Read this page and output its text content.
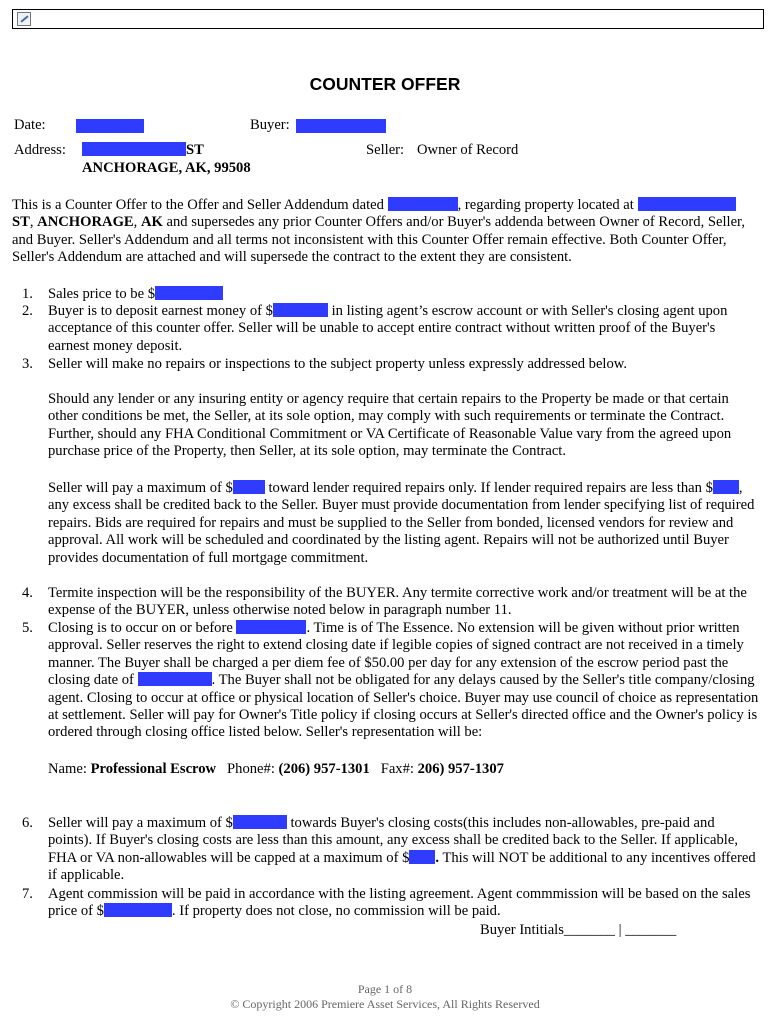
COUNTER OFFER
Date:	Buyer:
Address:	ST
ANCHORAGE, AK, 99508
Seller: Owner of Record

This is a Counter Offer to the Offer and Seller Addendum dated	, regarding property located at  ST, ANCHORAGE, AK and supersedes any prior Counter Offers and/or Buyer's addenda between Owner of Record, Seller, and Buyer. Seller's Addendum and all terms not inconsistent with this Counter Offer remain effective. Both Counter Offer, Seller's Addendum are attached and will supersede the contract to the extent they are consistent.

1. Sales price to be $
2. Buyer is to deposit earnest money of $	in listing agent’s escrow account or with Seller's closing agent upon acceptance of this counter offer. Seller will be unable to accept entire contract without written proof of the Buyer's earnest money deposit.
3. Seller will make no repairs or inspections to the subject property unless expressly addressed below.

Should any lender or any insuring entity or agency require that certain repairs to the Property be made or that certain other conditions be met, the Seller, at its sole option, may comply with such requirements or terminate the Contract. Further, should any FHA Conditional Commitment or VA Certificate of Reasonable Value vary from the agreed upon purchase price of the Property, then Seller, at its sole option, may terminate the Contract.

Seller will pay a maximum of $ toward lender required repairs only. If lender required repairs are less than $ , any excess shall be credited back to the Seller. Buyer must provide documentation from lender specifying list of required repairs. Bids are required for repairs and must be supplied to the Seller from bonded, licensed vendors for review and approval. All work will be scheduled and coordinated by the listing agent. Repairs will not be authorized until Buyer provides documentation of full mortgage commitment.

4. Termite inspection will be the responsibility of the BUYER. Any termite corrective work and/or treatment will be at the expense of the BUYER, unless otherwise noted below in paragraph number 11.
5. Closing is to occur on or before	. Time is of The Essence. No extension will be given without prior written approval. Seller reserves the right to extend closing date if legible copies of signed contract are not received in a timely manner. The Buyer shall be charged a per diem fee of $50.00 per day for any extension of the escrow period past the closing date of	. The Buyer shall not be obligated for any delays caused by the Seller's title company/closing agent. Closing to occur at office or physical location of Seller's choice. Buyer may use council of choice as representation at settlement. Seller will pay for Owner's Title policy if closing occurs at Seller's directed office and the Owner's policy is ordered through closing office listed below. Seller's representation will be:
Name: Professional Escrow Phone#: (206) 957-1301 Fax#: 206) 957-1307
6. Seller will pay a maximum of $	towards Buyer's closing costs(this includes non-allowables, pre-paid and points). If Buyer's closing costs are less than this amount, any excess shall be credited back to the Seller. If applicable, FHA or VA non-allowables will be capped at a maximum of $ . This will NOT be additional to any incentives offered if applicable.
7. Agent commission will be paid in accordance with the listing agreement. Agent commmission will be based on the sales price of $	. If property does not close, no commission will be paid.
Buyer Intitials_______ | _______
Page 1 of 8
© Copyright 2006 Premiere Asset Services, All Rights Reserved
